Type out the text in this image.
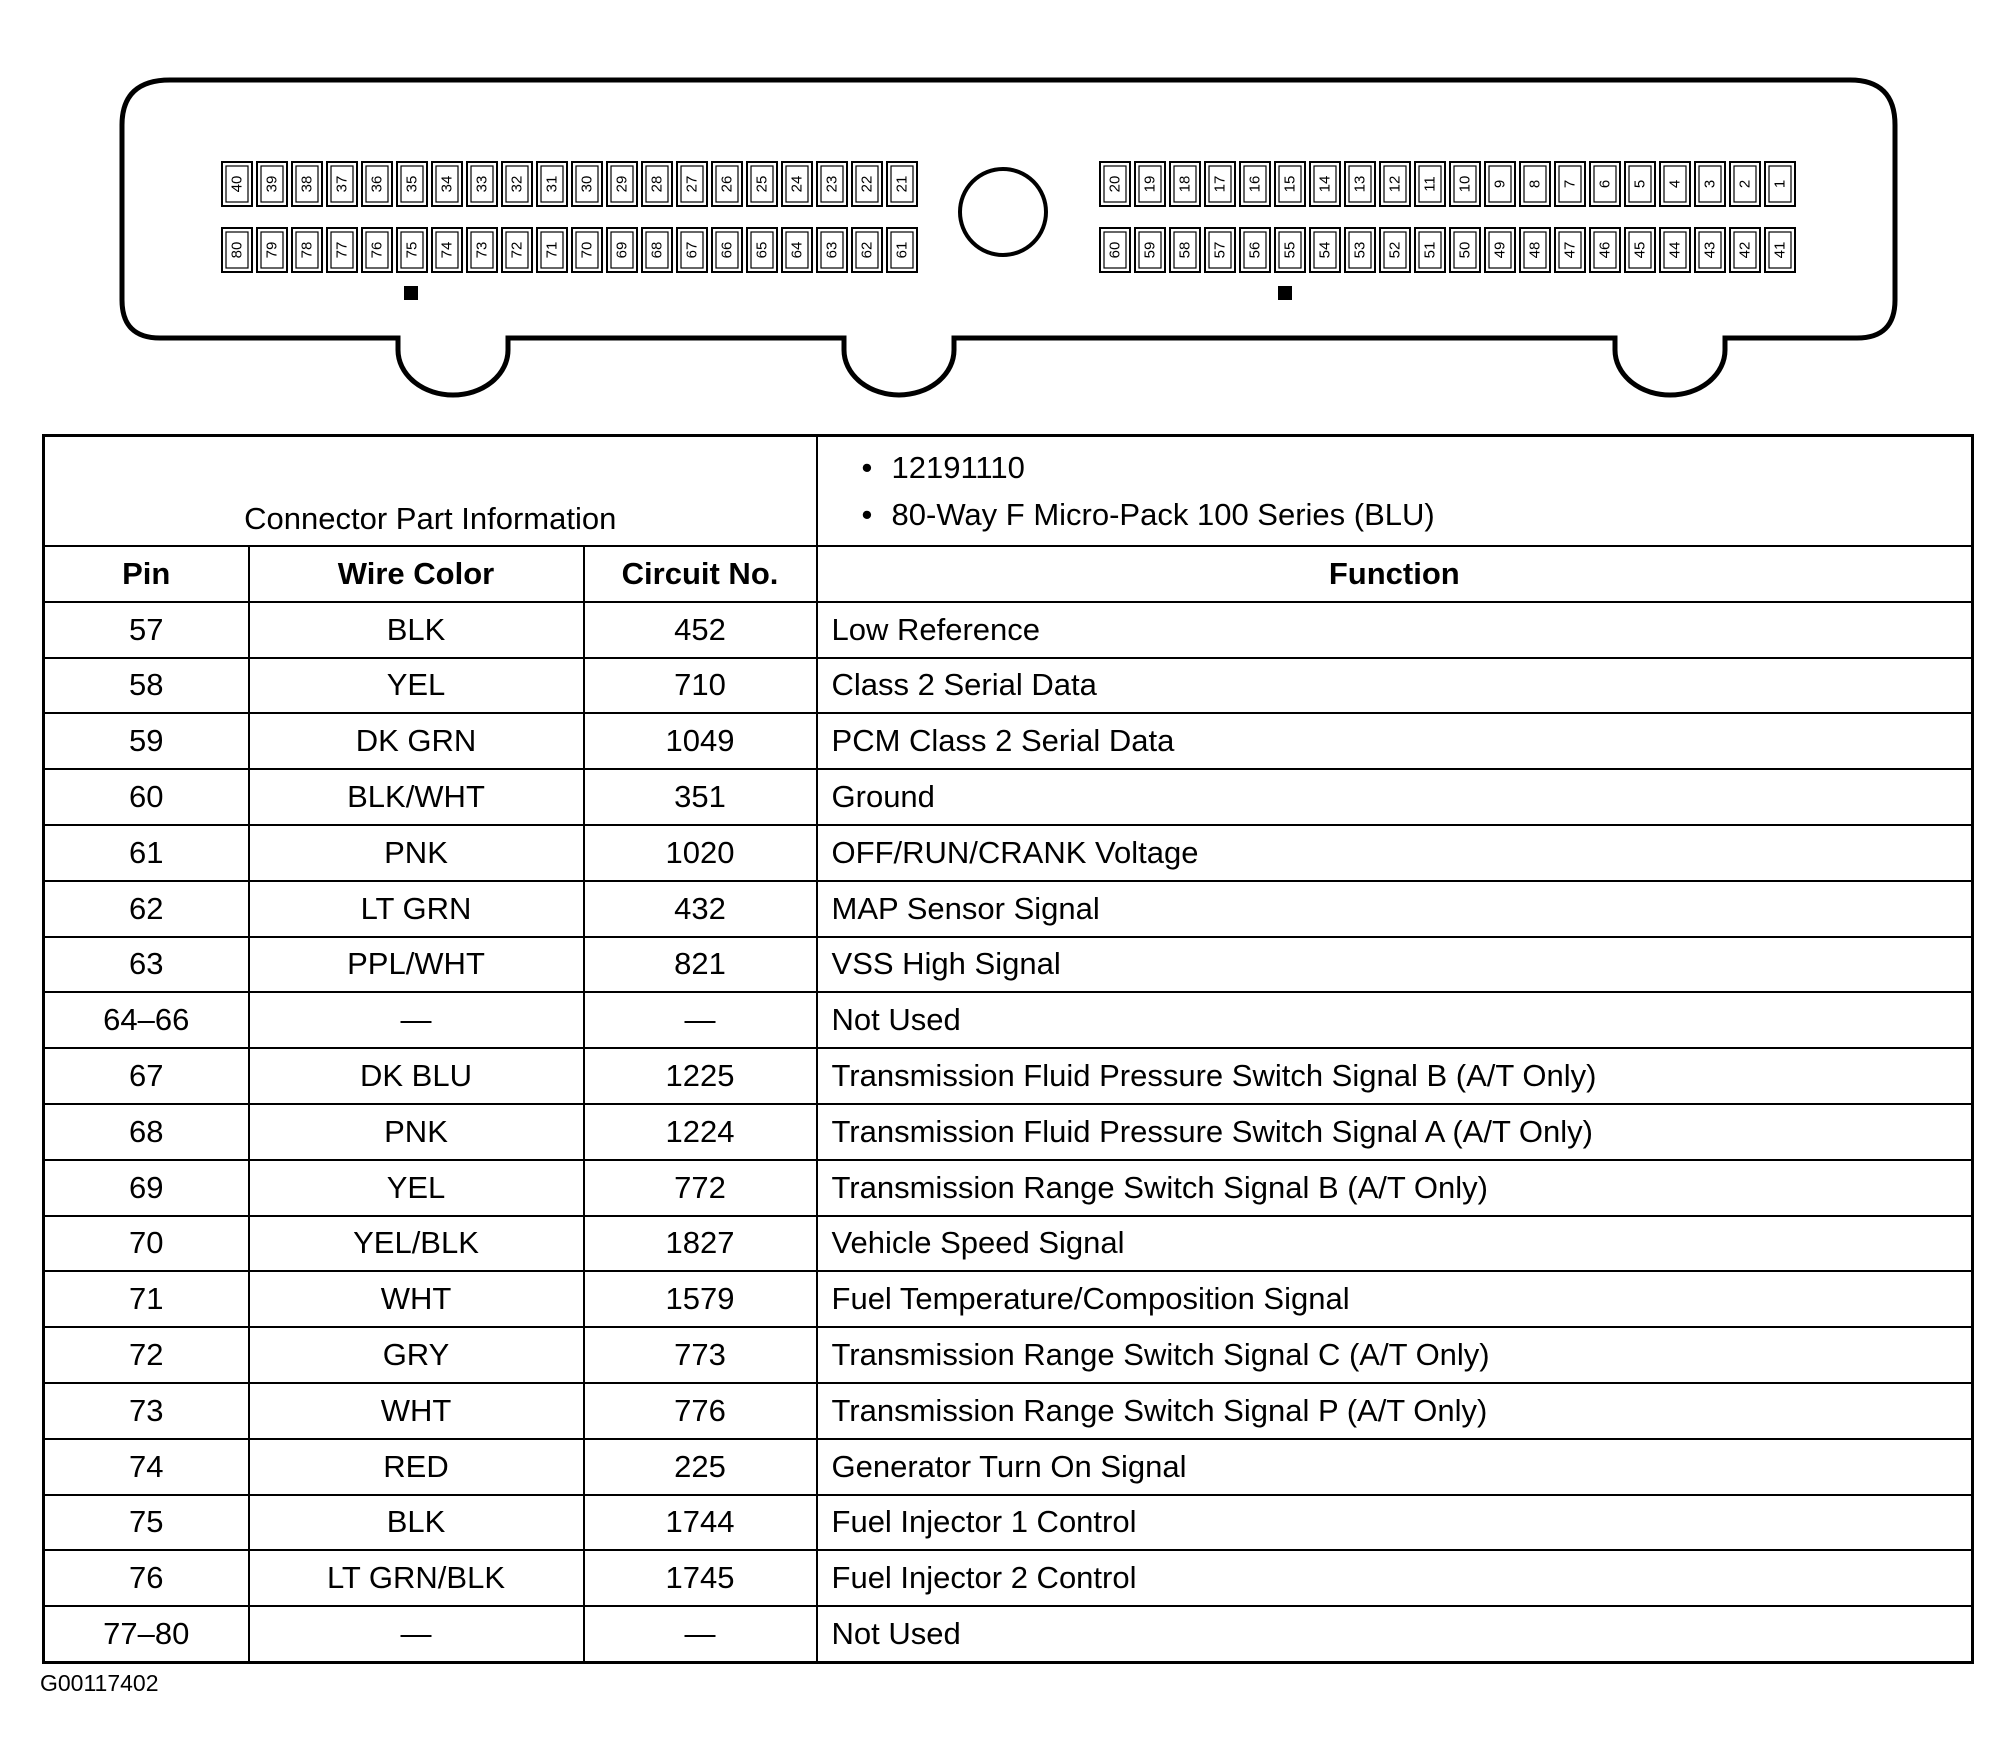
40 39 38 37 36 35 34 33 32 31 30 29 28 27 26 25 24 23 22 21
80 79 78 77 76 75 74 73 72 71 70 69 68 67 66 65 64 63 62 61
20 19 18 17 16 15 14 13 12 11 10 9 8 7 6 5 4 3 2 1
60 59 58 57 56 55 54 53 52 51 50 49 48 47 46 45 44 43 42 41
Connector Part Information			• 12191110
• 80-Way F Micro-Pack 100 Series (BLU)

Pin	Wire Color	Circuit No.	Function
57	BLK	452	Low Reference
58	YEL	710	Class 2 Serial Data
59	DK GRN	1049	PCM Class 2 Serial Data
60	BLK/WHT	351	Ground
61	PNK	1020	OFF/RUN/CRANK Voltage
62	LT GRN	432	MAP Sensor Signal
63	PPL/WHT	821	VSS High Signal
64–66	—	—	Not Used
67	DK BLU	1225	Transmission Fluid Pressure Switch Signal B (A/T Only)
68	PNK	1224	Transmission Fluid Pressure Switch Signal A (A/T Only)
69	YEL	772	Transmission Range Switch Signal B (A/T Only)
70	YEL/BLK	1827	Vehicle Speed Signal
71	WHT	1579	Fuel Temperature/Composition Signal
72	GRY	773	Transmission Range Switch Signal C (A/T Only)
73	WHT	776	Transmission Range Switch Signal P (A/T Only)
74	RED	225	Generator Turn On Signal
75	BLK	1744	Fuel Injector 1 Control
76	LT GRN/BLK	1745	Fuel Injector 2 Control
77–80	—	—	Not Used
G00117402
